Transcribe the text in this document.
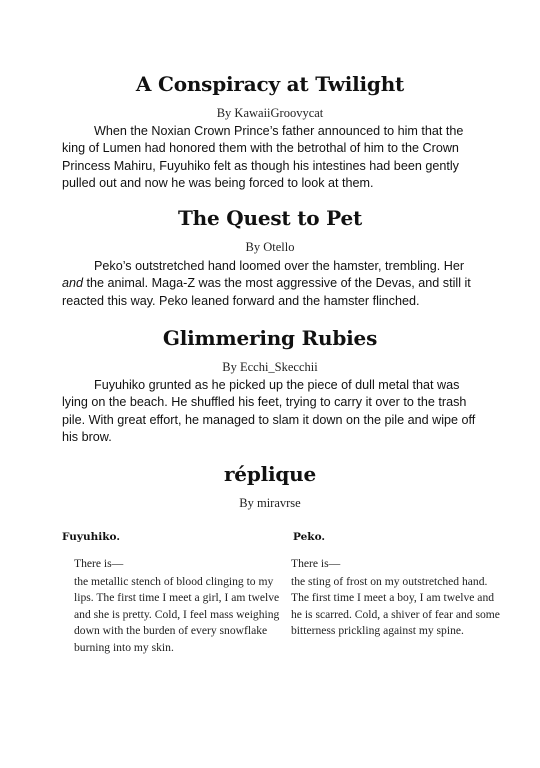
A Conspiracy at Twilight
By KawaiiGroovycat

When the Noxian Crown Prince’s father announced to him that the king of Lumen had honored them with the betrothal of him to the Crown Princess Mahiru, Fuyuhiko felt as though his intestines had been gently pulled out and now he was being forced to look at them.

The Quest to Pet
By Otello

Peko’s outstretched hand loomed over the hamster, trembling. Her and the animal. Maga-Z was the most aggressive of the Devas, and still it reacted this way. Peko leaned forward and the hamster flinched.

Glimmering Rubies
By Ecchi_Skecchii

Fuyuhiko grunted as he picked up the piece of dull metal that was lying on the beach. He shuffled his feet, trying to carry it over to the trash pile. With great effort, he managed to slam it down on the pile and wipe off his brow.

réplique
By miravrse
Fuyuhiko.	Peko.
There is—
the metallic stench of blood clinging to my lips. The first time I meet a girl, I am twelve and she is pretty. Cold, I feel mass weighing down with the burden of every snowflake burning into my skin.
There is—
the sting of frost on my outstretched hand. The first time I meet a boy, I am twelve and he is scarred. Cold, a shiver of fear and some bitterness prickling against my spine.
